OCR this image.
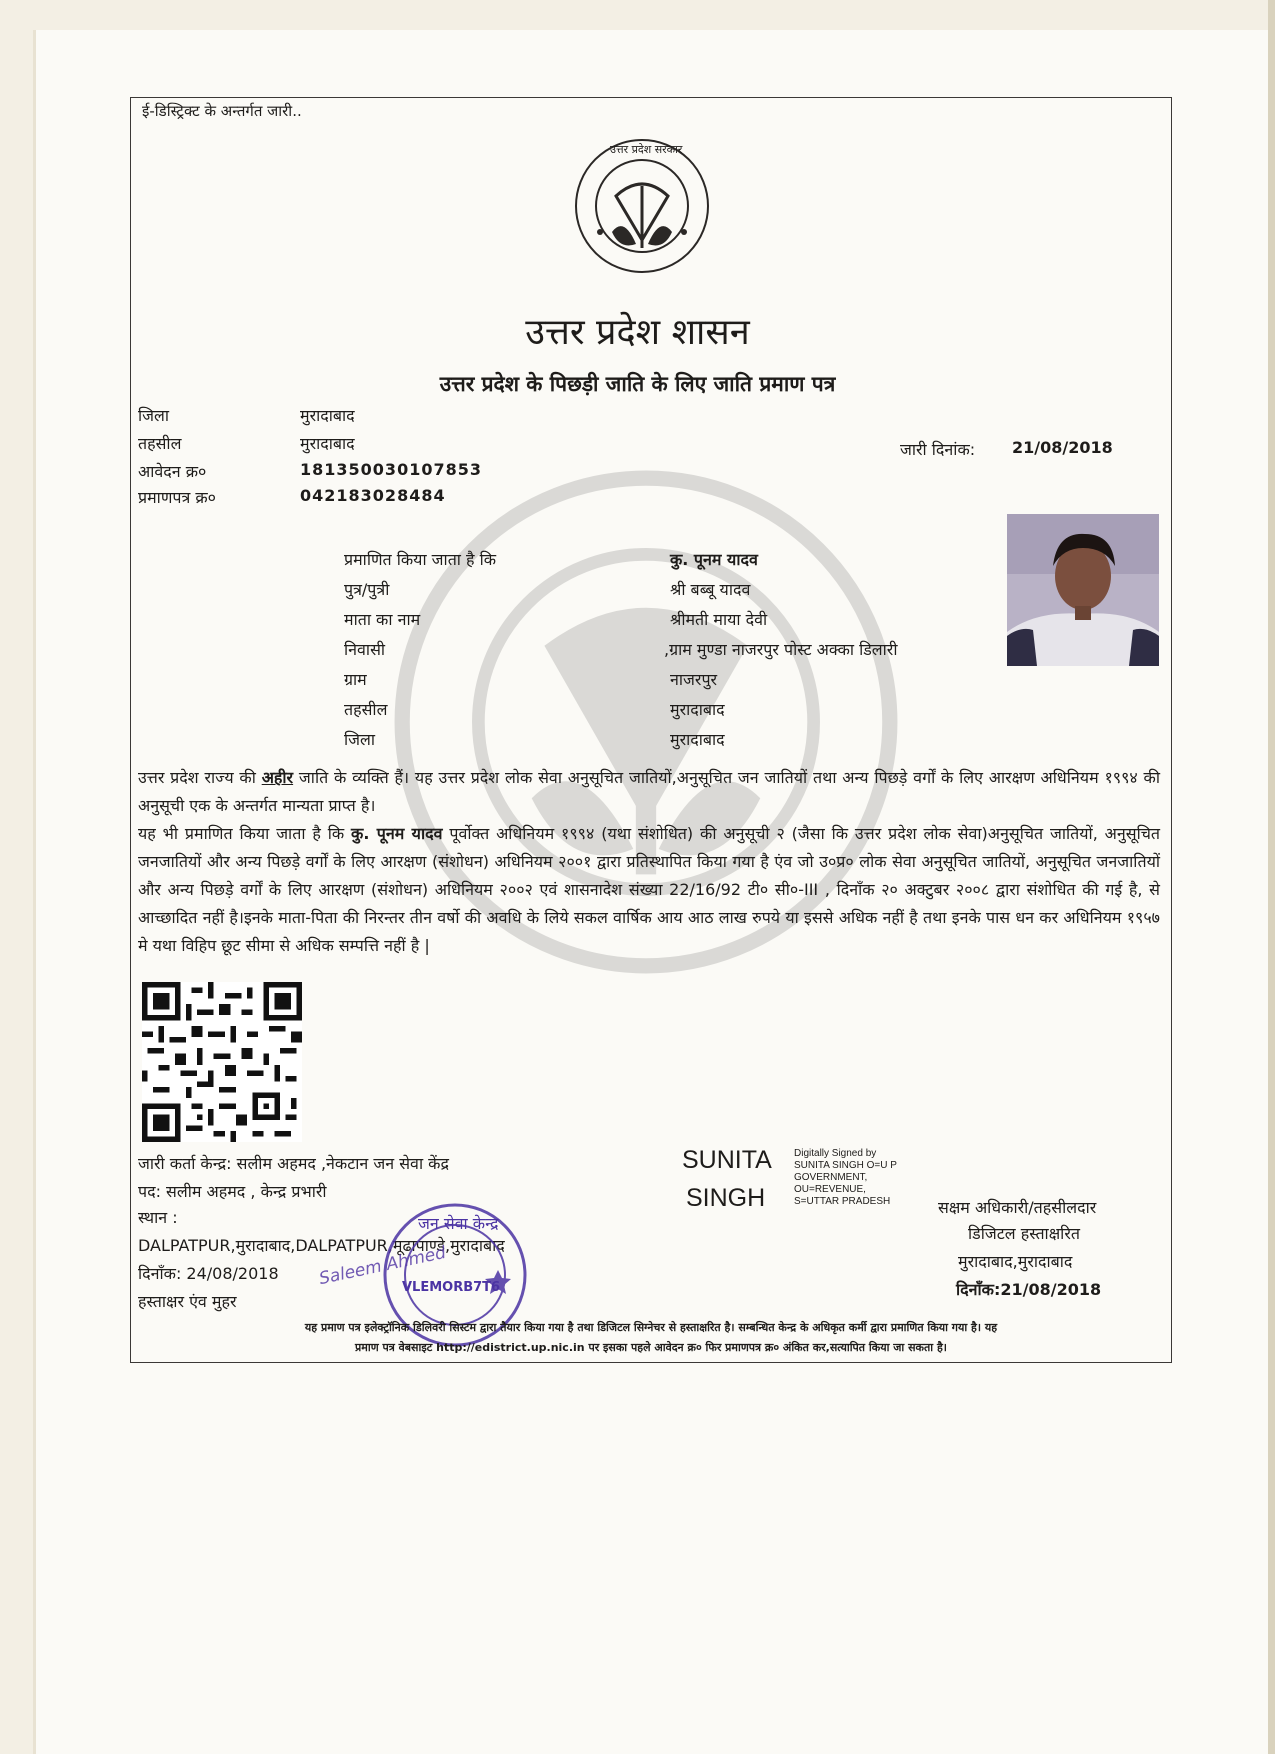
ई-डिस्ट्रिक्ट के अन्तर्गत जारी..
उत्तर प्रदेश सरकार
उत्तर प्रदेश शासन
उत्तर प्रदेश के पिछड़ी जाति के लिए जाति प्रमाण पत्र
जिला	मुरादाबाद
तहसील	मुरादाबाद
आवेदन क्र०	181350030107853
प्रमाणपत्र क्र०	042183028484
जारी दिनांक: 21/08/2018
प्रमाणित किया जाता है कि	कु. पूनम यादव
पुत्र/पुत्री	श्री बब्बू यादव
माता का नाम	श्रीमती माया देवी
निवासी	,ग्राम मुण्डा नाजरपुर पोस्ट अक्का डिलारी
ग्राम	नाजरपुर
तहसील	मुरादाबाद
जिला	मुरादाबाद
उत्तर प्रदेश राज्य की अहीर जाति के व्यक्ति हैं। यह उत्तर प्रदेश लोक सेवा अनुसूचित जातियों,अनुसूचित जन जातियों तथा अन्य पिछड़े वर्गों के लिए आरक्षण अधिनियम १९९४ की अनुसूची एक के अन्तर्गत मान्यता प्राप्त है।
यह भी प्रमाणित किया जाता है कि कु. पूनम यादव पूर्वोक्त अधिनियम १९९४ (यथा संशोधित) की अनुसूची २ (जैसा कि उत्तर प्रदेश लोक सेवा)अनुसूचित जातियों, अनुसूचित जनजातियों और अन्य पिछड़े वर्गों के लिए आरक्षण (संशोधन) अधिनियम २००१ द्वारा प्रतिस्थापित किया गया है एंव जो उ०प्र० लोक सेवा अनुसूचित जातियों, अनुसूचित जनजातियों और अन्य पिछड़े वर्गों के लिए आरक्षण (संशोधन) अधिनियम २००२ एवं शासनादेश संख्या 22/16/92 टी० सी०-III , दिनाँक २० अक्टुबर २००८ द्वारा संशोधित की गई है, से आच्छादित नहीं है।इनके माता-पिता की निरन्तर तीन वर्षो की अवधि के लिये सकल वार्षिक आय आठ लाख रुपये या इससे अधिक नहीं है तथा इनके पास धन कर अधिनियम १९५७ मे यथा विहिप छूट सीमा से अधिक सम्पत्ति नहीं है |
जारी कर्ता केन्द्र: सलीम अहमद ,नेकटान जन सेवा केंद्र
पद: सलीम अहमद , केन्द्र प्रभारी
स्थान :
DALPATPUR,मुरादाबाद,DALPATPUR,मूढापाण्डे,मुरादाबाद
दिनाँक: 24/08/2018
हस्ताक्षर एंव मुहर
जन सेवा केन्द्र
VLEMORB7T6
Saleem Ahmed
SUNITA
SINGH
Digitally Signed by
SUNITA SINGH O=U P
GOVERNMENT,
OU=REVENUE,
S=UTTAR PRADESH	सक्षम अधिकारी/तहसीलदार
डिजिटल हस्ताक्षरित
मुरादाबाद,मुरादाबाद
दिनाँक:21/08/2018
यह प्रमाण पत्र इलेक्ट्रॉनिक डिलिवरी सिस्टम द्वारा तैयार किया गया है तथा डिजिटल सिग्नेचर से हस्ताक्षरित है। सम्बन्धित केन्द्र के अधिकृत कर्मी द्वारा प्रमाणित किया गया है। यह
प्रमाण पत्र वेबसाइट http://edistrict.up.nic.in पर इसका पहले आवेदन क्र० फिर प्रमाणपत्र क्र० अंकित कर,सत्यापित किया जा सकता है।
